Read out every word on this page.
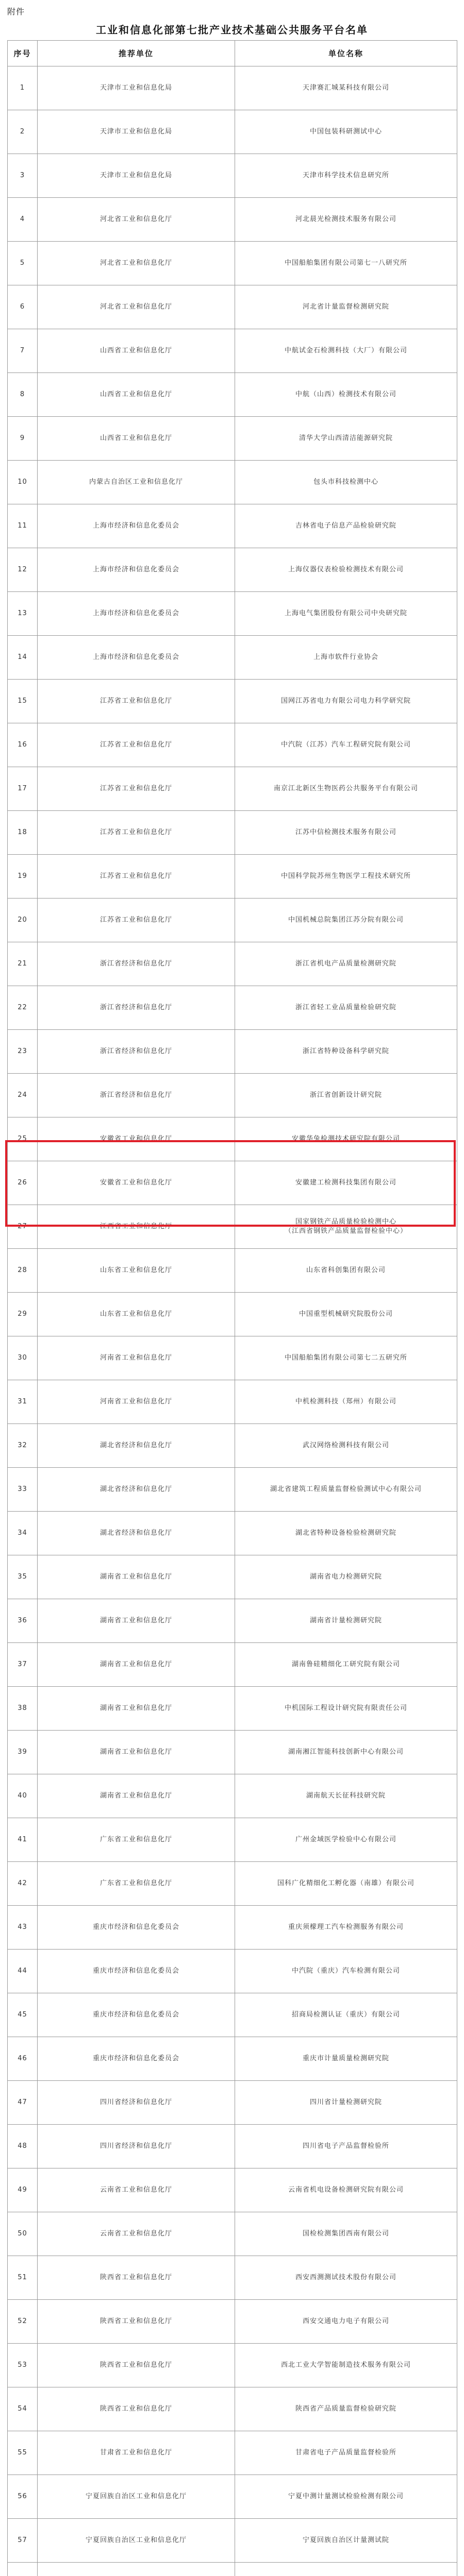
附件
工业和信息化部第七批产业技术基础公共服务平台名单
序号	推荐单位	单位名称
1	天津市工业和信息化局	天津赛汇城某科技有限公司
2	天津市工业和信息化局	中国包装科研测试中心
3	天津市工业和信息化局	天津市科学技术信息研究所
4	河北省工业和信息化厅	河北晨光检测技术服务有限公司
5	河北省工业和信息化厅	中国船舶集团有限公司第七一八研究所
6	河北省工业和信息化厅	河北省计量监督检测研究院
7	山西省工业和信息化厅	中航试金石检测科技（大厂）有限公司
8	山西省工业和信息化厅	中航（山西）检测技术有限公司
9	山西省工业和信息化厅	清华大学山西清洁能源研究院
10	内蒙古自治区工业和信息化厅	包头市科技检测中心
11	上海市经济和信息化委员会	吉林省电子信息产品检验研究院
12	上海市经济和信息化委员会	上海仪器仪表检验检测技术有限公司
13	上海市经济和信息化委员会	上海电气集团股份有限公司中央研究院
14	上海市经济和信息化委员会	上海市软件行业协会
15	江苏省工业和信息化厅	国网江苏省电力有限公司电力科学研究院
16	江苏省工业和信息化厅	中汽院（江苏）汽车工程研究院有限公司
17	江苏省工业和信息化厅	南京江北新区生物医药公共服务平台有限公司
18	江苏省工业和信息化厅	江苏中信检测技术服务有限公司
19	江苏省工业和信息化厅	中国科学院苏州生物医学工程技术研究所
20	江苏省工业和信息化厅	中国机械总院集团江苏分院有限公司
21	浙江省经济和信息化厅	浙江省机电产品质量检测研究院
22	浙江省经济和信息化厅	浙江省轻工业品质量检验研究院
23	浙江省经济和信息化厅	浙江省特种设备科学研究院
24	浙江省经济和信息化厅	浙江省创新设计研究院
25	安徽省工业和信息化厅	安徽华兔检测技术研究院有限公司
26	安徽省工业和信息化厅	安徽建工检测科技集团有限公司
27	江西省工业和信息化厅	国家钢铁产品质量检验检测中心
（江西省钢铁产品质量监督检验中心）
28	山东省工业和信息化厅	山东省科创集团有限公司
29	山东省工业和信息化厅	中国重型机械研究院股份公司
30	河南省工业和信息化厅	中国船舶集团有限公司第七二五研究所
31	河南省工业和信息化厅	中机检测科技（郑州）有限公司
32	湖北省经济和信息化厅	武汉网络检测科技有限公司
33	湖北省经济和信息化厅	湖北省建筑工程质量监督检验测试中心有限公司
34	湖北省经济和信息化厅	湖北省特种设备检验检测研究院
35	湖南省工业和信息化厅	湖南省电力检测研究院
36	湖南省工业和信息化厅	湖南省计量检测研究院
37	湖南省工业和信息化厅	湖南鲁硅精细化工研究院有限公司
38	湖南省工业和信息化厅	中机国际工程设计研究院有限责任公司
39	湖南省工业和信息化厅	湖南湘江智能科技创新中心有限公司
40	湖南省工业和信息化厅	湖南航天长征科技研究院
41	广东省工业和信息化厅	广州金域医学检验中心有限公司
42	广东省工业和信息化厅	国科广化精细化工孵化器（南雄）有限公司
43	重庆市经济和信息化委员会	重庆须檬理工汽车检测服务有限公司
44	重庆市经济和信息化委员会	中汽院（重庆）汽车检测有限公司
45	重庆市经济和信息化委员会	招商局检测认证（重庆）有限公司
46	重庆市经济和信息化委员会	重庆市计量质量检测研究院
47	四川省经济和信息化厅	四川省计量检测研究院
48	四川省经济和信息化厅	四川省电子产品监督检验所
49	云南省工业和信息化厅	云南省机电设备检测研究院有限公司
50	云南省工业和信息化厅	国检检测集团西南有限公司
51	陕西省工业和信息化厅	西安西测测试技术股份有限公司
52	陕西省工业和信息化厅	西安交通电力电子有限公司
53	陕西省工业和信息化厅	西北工业大学智能制造技术服务有限公司
54	陕西省工业和信息化厅	陕西省产品质量监督检验研究院
55	甘肃省工业和信息化厅	甘肃省电子产品质量监督检验所
56	宁夏回族自治区工业和信息化厅	宁夏中测计量测试检验检测有限公司
57	宁夏回族自治区工业和信息化厅	宁夏回族自治区计量测试院
